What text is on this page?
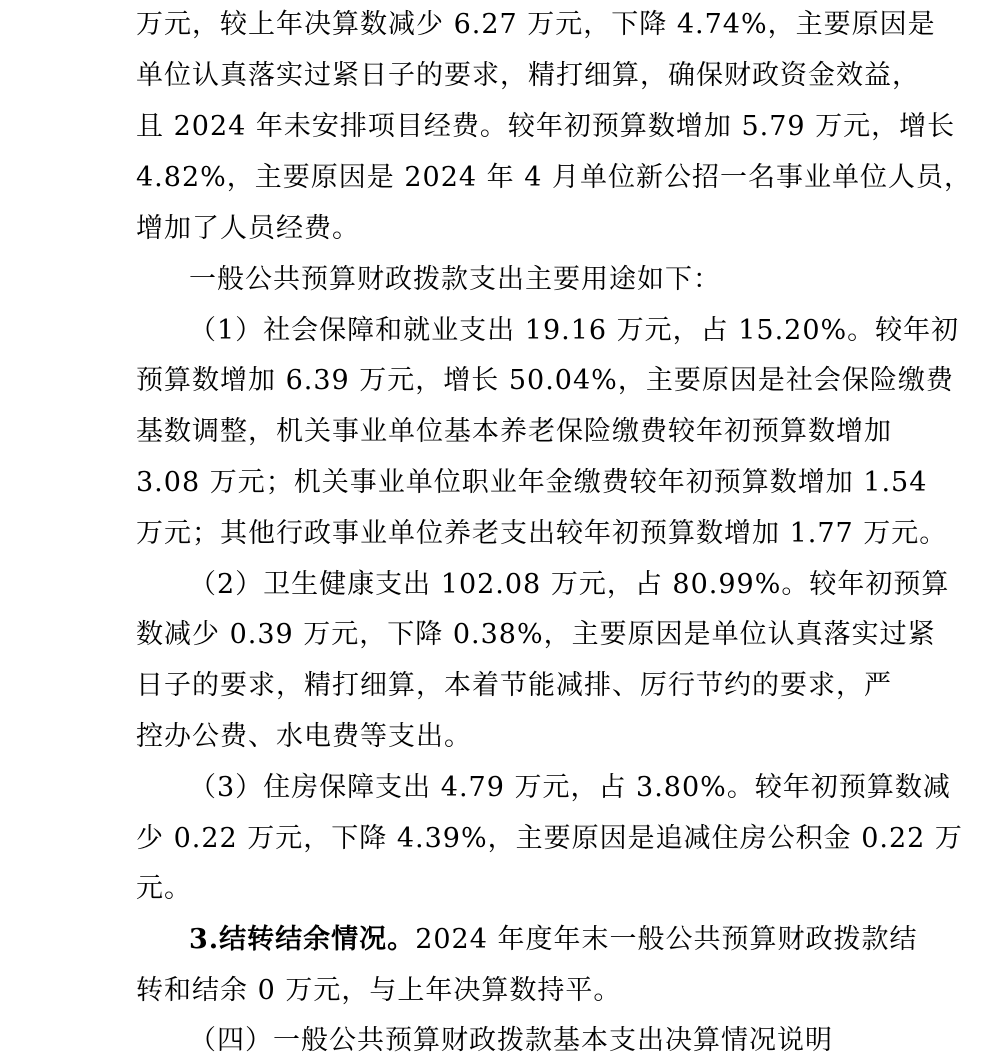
万元，较上年决算数减少 6.27 万元，下降 4.74%，主要原因是
单位认真落实过紧日子的要求，精打细算，确保财政资金效益，
且 2024 年未安排项目经费。较年初预算数增加 5.79 万元，增长
4.82%，主要原因是 2024 年 4 月单位新公招一名事业单位人员，
增加了人员经费。
一般公共预算财政拨款支出主要用途如下：
（1）社会保障和就业支出 19.16 万元，占 15.20%。较年初
预算数增加 6.39 万元，增长 50.04%，主要原因是社会保险缴费
基数调整，机关事业单位基本养老保险缴费较年初预算数增加
3.08 万元；机关事业单位职业年金缴费较年初预算数增加 1.54
万元；其他行政事业单位养老支出较年初预算数增加 1.77 万元。
（2）卫生健康支出 102.08 万元，占 80.99%。较年初预算
数减少 0.39 万元，下降 0.38%，主要原因是单位认真落实过紧
日子的要求，精打细算，本着节能减排、厉行节约的要求，严
控办公费、水电费等支出。
（3）住房保障支出 4.79 万元，占 3.80%。较年初预算数减
少 0.22 万元，下降 4.39%，主要原因是追减住房公积金 0.22 万
元。
3.结转结余情况。2024 年度年末一般公共预算财政拨款结
转和结余 0 万元，与上年决算数持平。
（四）一般公共预算财政拨款基本支出决算情况说明
